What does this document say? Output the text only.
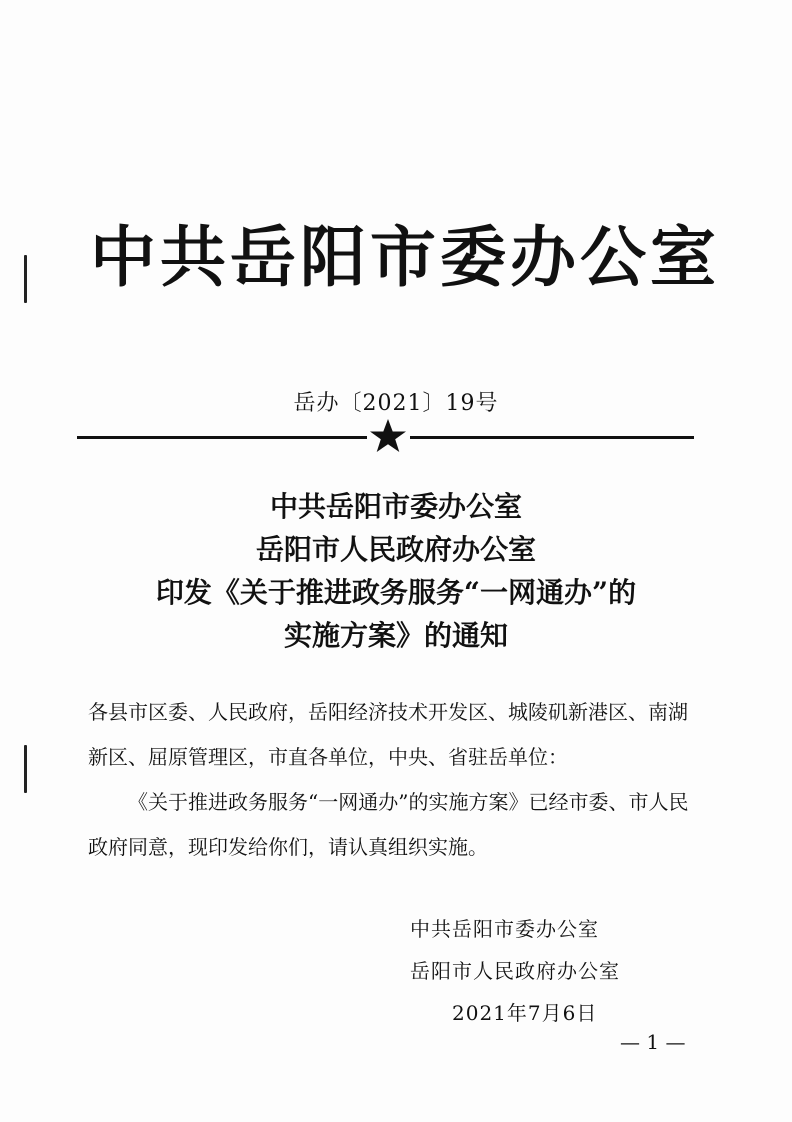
中共岳阳市委办公室
岳办〔2021〕19号
中共岳阳市委办公室
岳阳市人民政府办公室
印发《关于推进政务服务“一网通办”的
实施方案》的通知
各县市区委、人民政府，岳阳经济技术开发区、城陵矶新港区、南湖新区、屈原管理区，市直各单位，中央、省驻岳单位：
《关于推进政务服务“一网通办”的实施方案》已经市委、市人民政府同意，现印发给你们，请认真组织实施。
中共岳阳市委办公室
岳阳市人民政府办公室
2021年7月6日
— 1 —
